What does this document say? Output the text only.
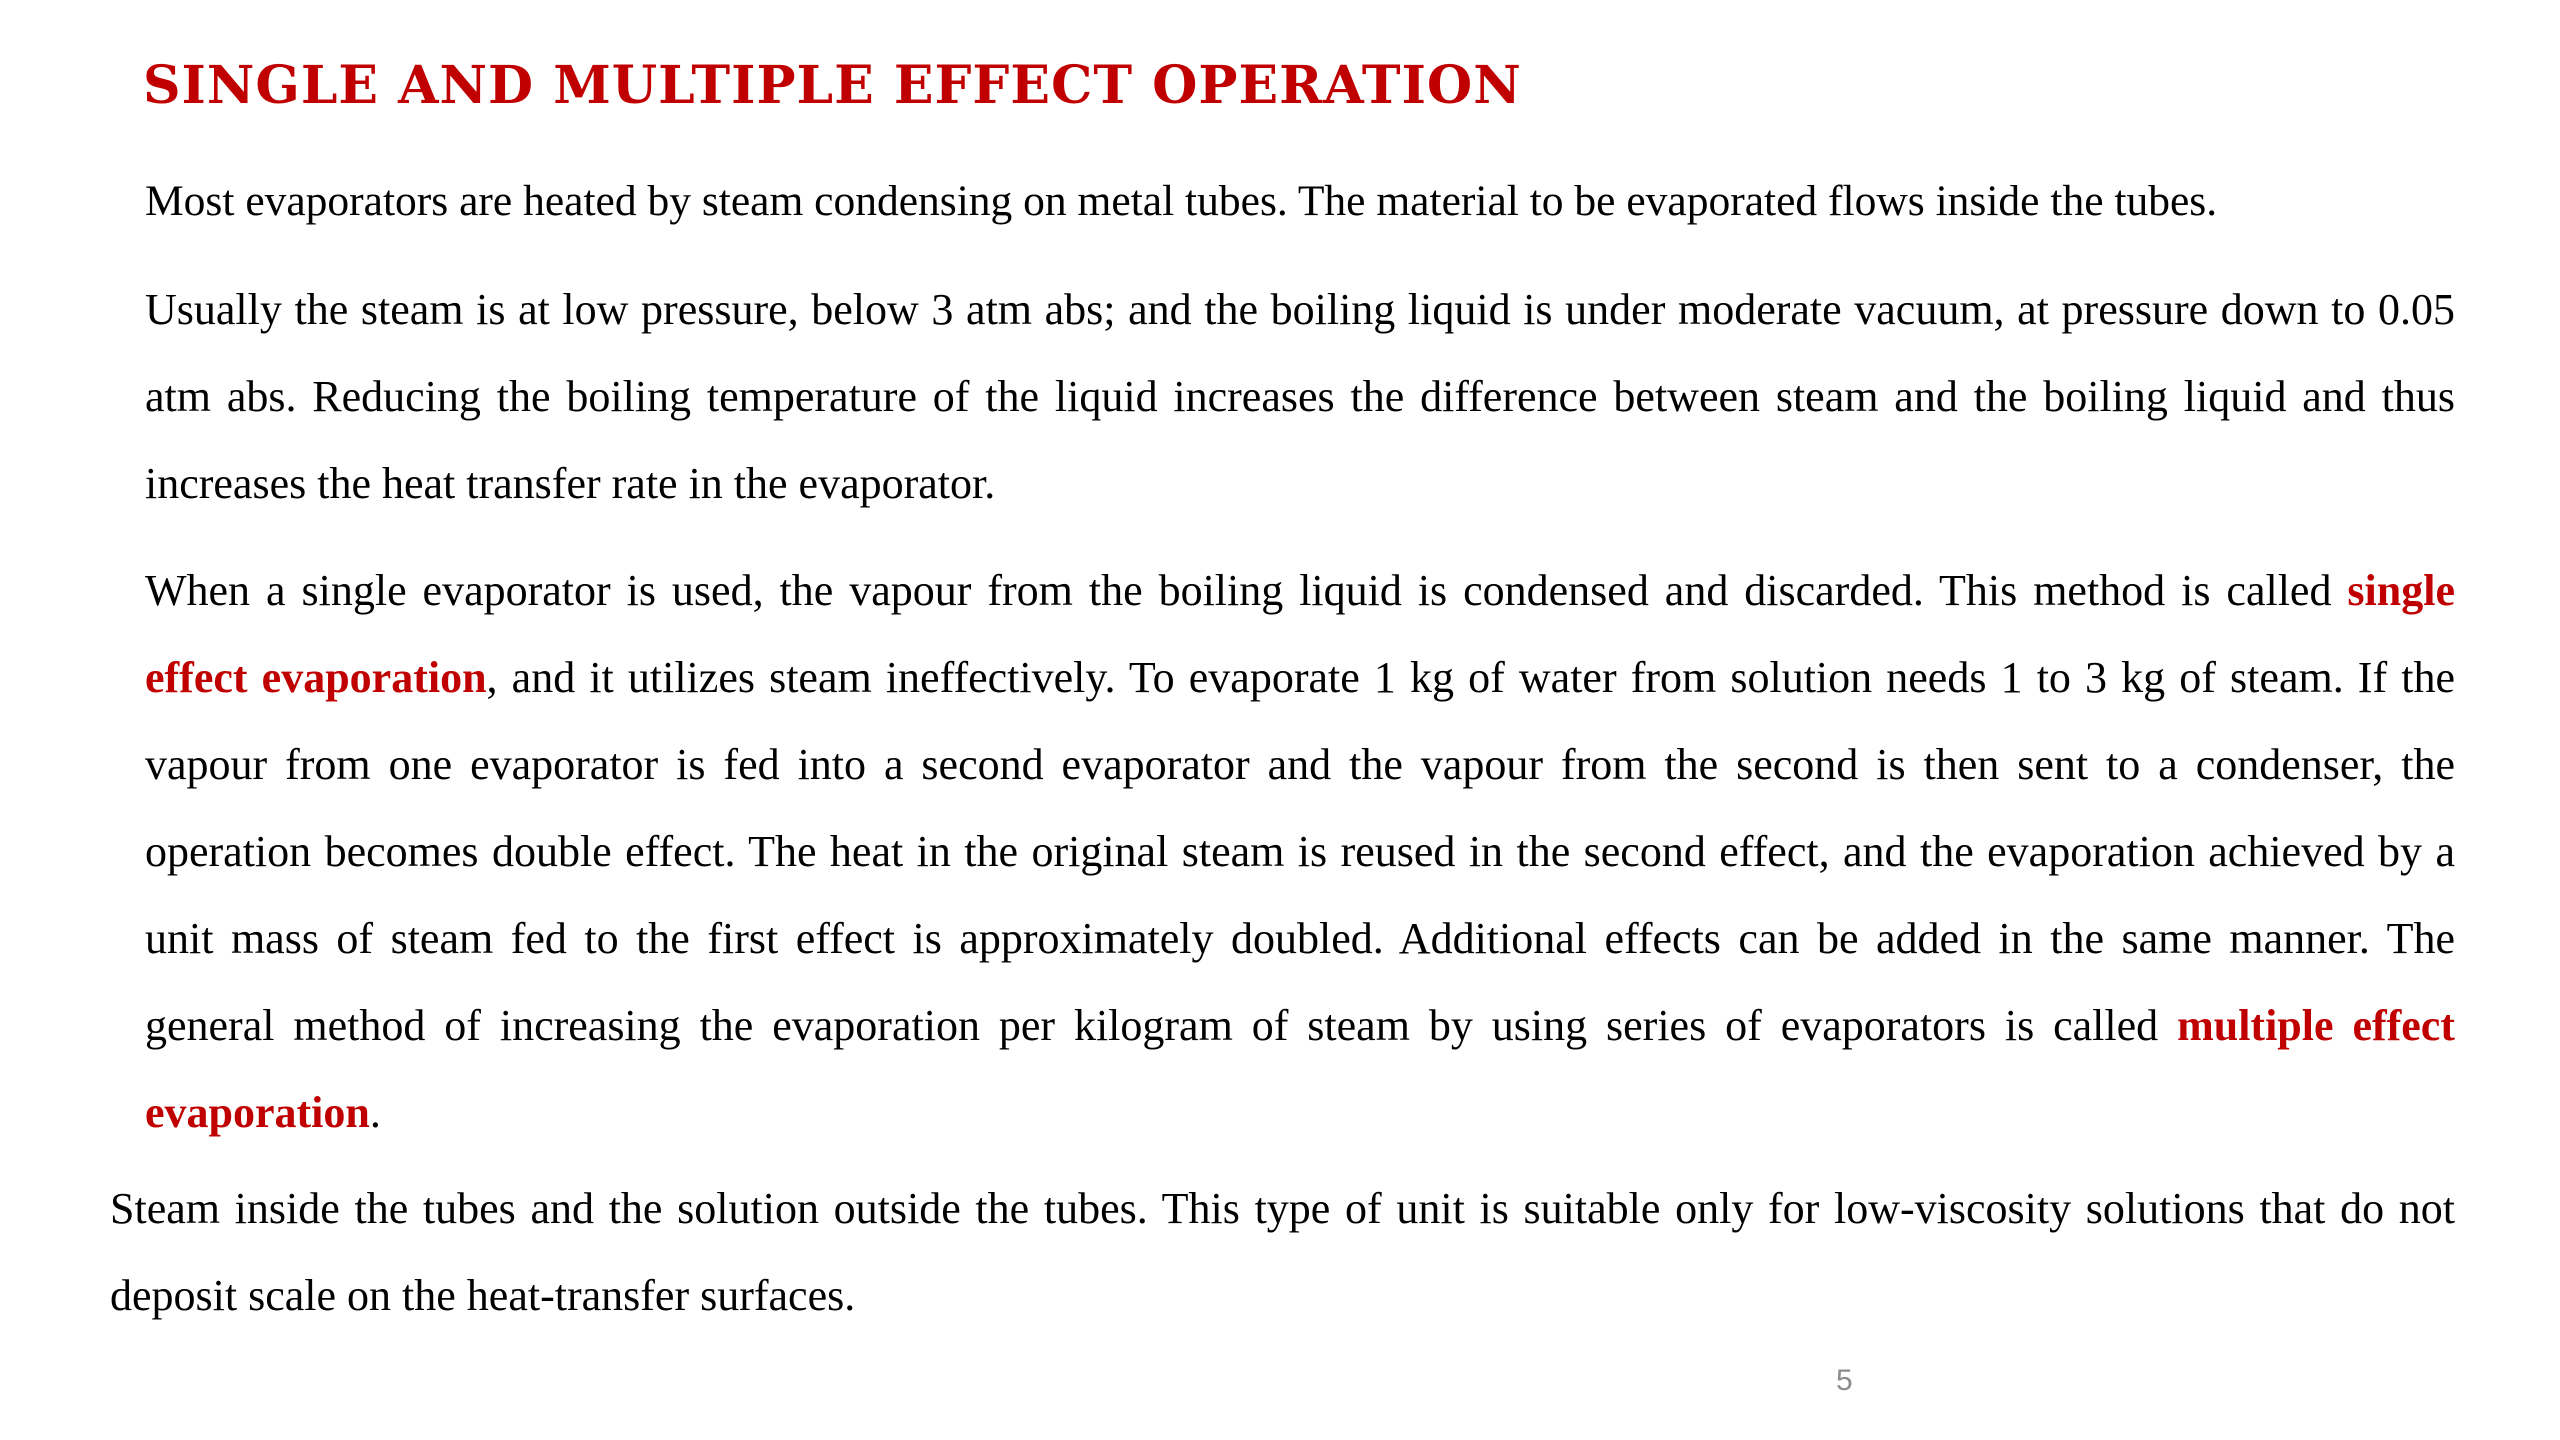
SINGLE AND MULTIPLE EFFECT OPERATION

Most evaporators are heated by steam condensing on metal tubes. The material to be evaporated flows inside the tubes.

Usually the steam is at low pressure, below 3 atm abs; and the boiling liquid is under moderate vacuum, at pressure down to 0.05 atm abs. Reducing the boiling temperature of the liquid increases the difference between steam and the boiling liquid and thus increases the heat transfer rate in the evaporator.

When a single evaporator is used, the vapour from the boiling liquid is condensed and discarded. This method is called single effect evaporation, and it utilizes steam ineffectively. To evaporate 1 kg of water from solution needs 1 to 3 kg of steam. If the vapour from one evaporator is fed into a second evaporator and the vapour from the second is then sent to a condenser, the operation becomes double effect. The heat in the original steam is reused in the second effect, and the evaporation achieved by a unit mass of steam fed to the first effect is approximately doubled. Additional effects can be added in the same manner. The general method of increasing the evaporation per kilogram of steam by using series of evaporators is called multiple effect evaporation.

Steam inside the tubes and the solution outside the tubes. This type of unit is suitable only for low-viscosity solutions that do not deposit scale on the heat-transfer surfaces.

5
